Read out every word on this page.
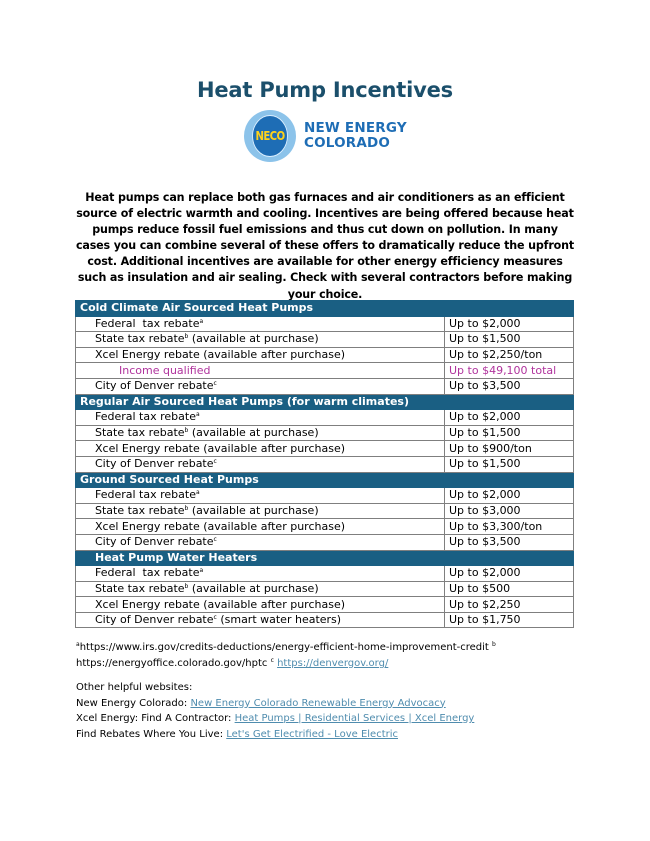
Heat Pump Incentives
NECO NEW ENERGY
COLORADO
Heat pumps can replace both gas furnaces and air conditioners as an efficient source of electric warmth and cooling. Incentives are being offered because heat pumps reduce fossil fuel emissions and thus cut down on pollution. In many cases you can combine several of these offers to dramatically reduce the upfront cost. Additional incentives are available for other energy efficiency measures such as insulation and air sealing. Check with several contractors before making your choice.
Cold Climate Air Sourced Heat Pumps	
Federal  tax rebate$^a$	Up to $2,000
State tax rebate$^b$ (available at purchase)	Up to $1,500
Xcel Energy rebate (available after purchase)	Up to $2,250/ton
Income qualified	Up to $49,100 total
City of Denver rebate$^c$	Up to $3,500
Regular Air Sourced Heat Pumps (for warm climates)	
Federal tax rebate$^a$	Up to $2,000
State tax rebate$^b$ (available at purchase)	Up to $1,500
Xcel Energy rebate (available after purchase)	Up to $900/ton
City of Denver rebate$^c$	Up to $1,500
Ground Sourced Heat Pumps	
Federal tax rebate$^a$	Up to $2,000
State tax rebate$^b$ (available at purchase)	Up to $3,000
Xcel Energy rebate (available after purchase)	Up to $3,300/ton
City of Denver rebate$^c$	Up to $3,500
Heat Pump Water Heaters	
Federal  tax rebate$^a$	Up to $2,000
State tax rebate$^b$ (available at purchase)	Up to $500
Xcel Energy rebate (available after purchase)	Up to $2,250
City of Denver rebate$^c$ (smart water heaters)	Up to $1,750
$^a$https://www.irs.gov/credits-deductions/energy-efficient-home-improvement-credit $^b$
https://energyoffice.colorado.gov/hptc $^c$ https://denvergov.org/
Other helpful websites:
New Energy Colorado: New Energy Colorado Renewable Energy Advocacy
Xcel Energy: Find A Contractor: Heat Pumps | Residential Services | Xcel Energy
Find Rebates Where You Live: Let's Get Electrified - Love Electric
